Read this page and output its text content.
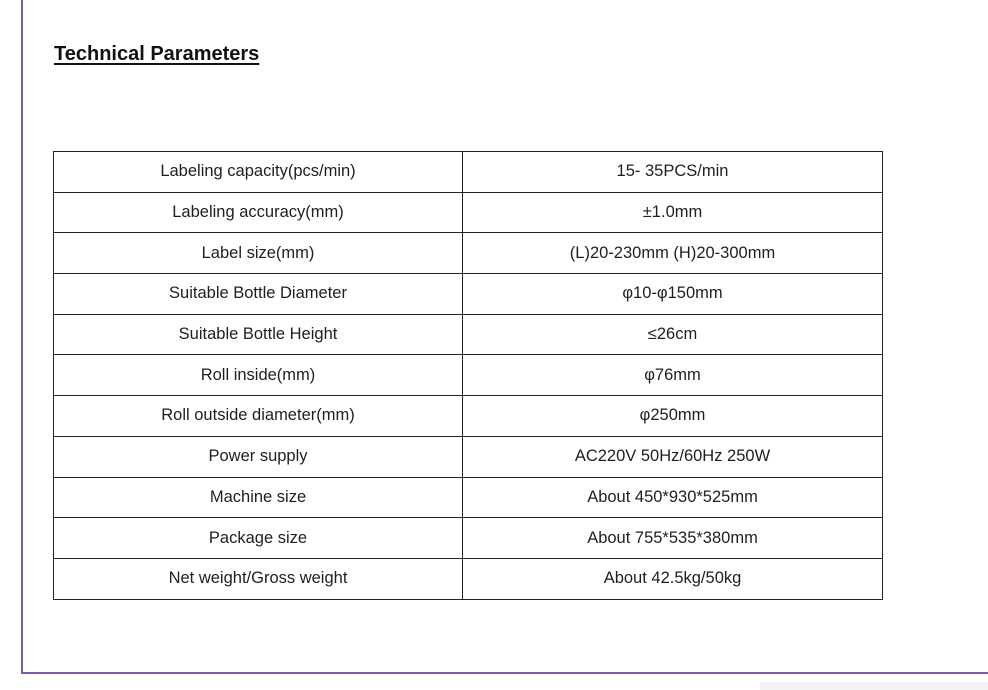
Technical Parameters
Labeling capacity(pcs/min)	15- 35PCS/min
Labeling accuracy(mm)	±1.0mm
Label size(mm)	(L)20-230mm (H)20-300mm
Suitable Bottle Diameter	φ10-φ150mm
Suitable Bottle Height	≤26cm
Roll inside(mm)	φ76mm
Roll outside diameter(mm)	φ250mm
Power supply	AC220V 50Hz/60Hz 250W
Machine size	About 450*930*525mm
Package size	About 755*535*380mm
Net weight/Gross weight	About 42.5kg/50kg
